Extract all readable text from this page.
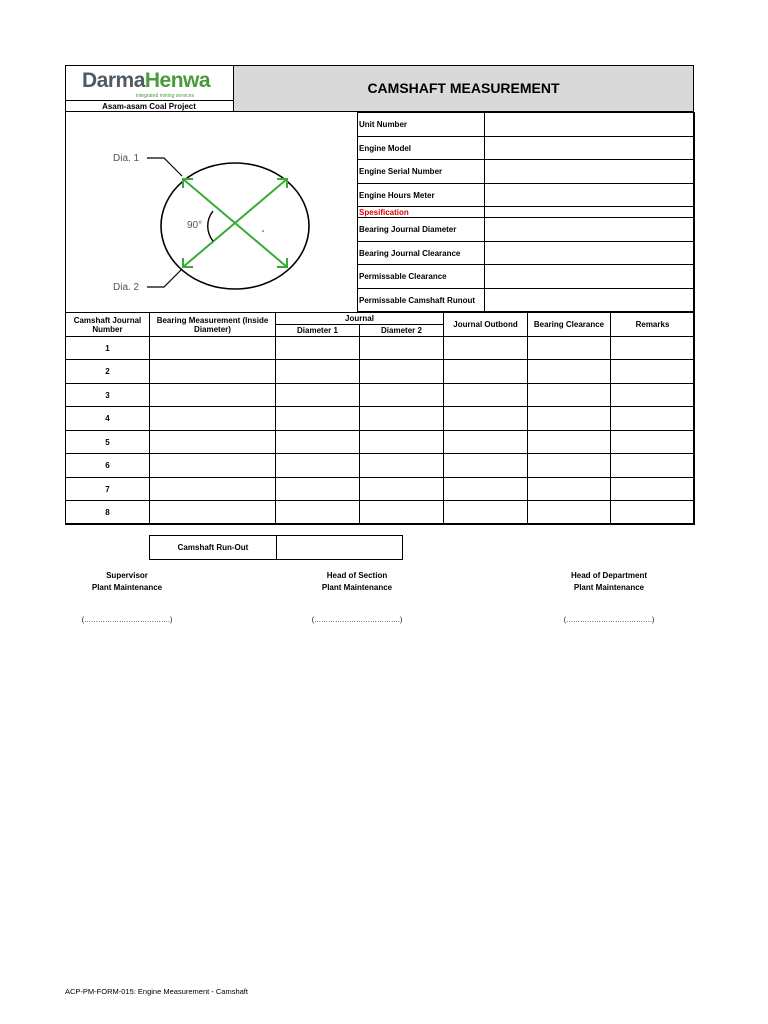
DarmaHenwa
integrated mining services
Asam-asam Coal Project
CAMSHAFT MEASUREMENT
Dia. 1
Dia. 2
90°
Unit Number	
Engine Model	
Engine Serial Number	
Engine Hours Meter	
Spesification	
Bearing Journal Diameter	
Bearing Journal Clearance	
Permissable Clearance	
Permissable Camshaft Runout	
Camshaft Journal Number	Bearing Measurement (Inside Diameter)	Journal		Journal Outbond	Bearing Clearance	Remarks
		Diameter 1	Diameter 2			
1						
2						
3						
4						
5						
6						
7						
8						
Camshaft Run-Out	
Supervisor
Plant Maintenance
Head of Section
Plant Maintenance
Head of Department
Plant Maintenance
(……………………………….)	(……………………………….)	(……………………………….)
ACP-PM-FORM-015: Engine Measurement - Camshaft
